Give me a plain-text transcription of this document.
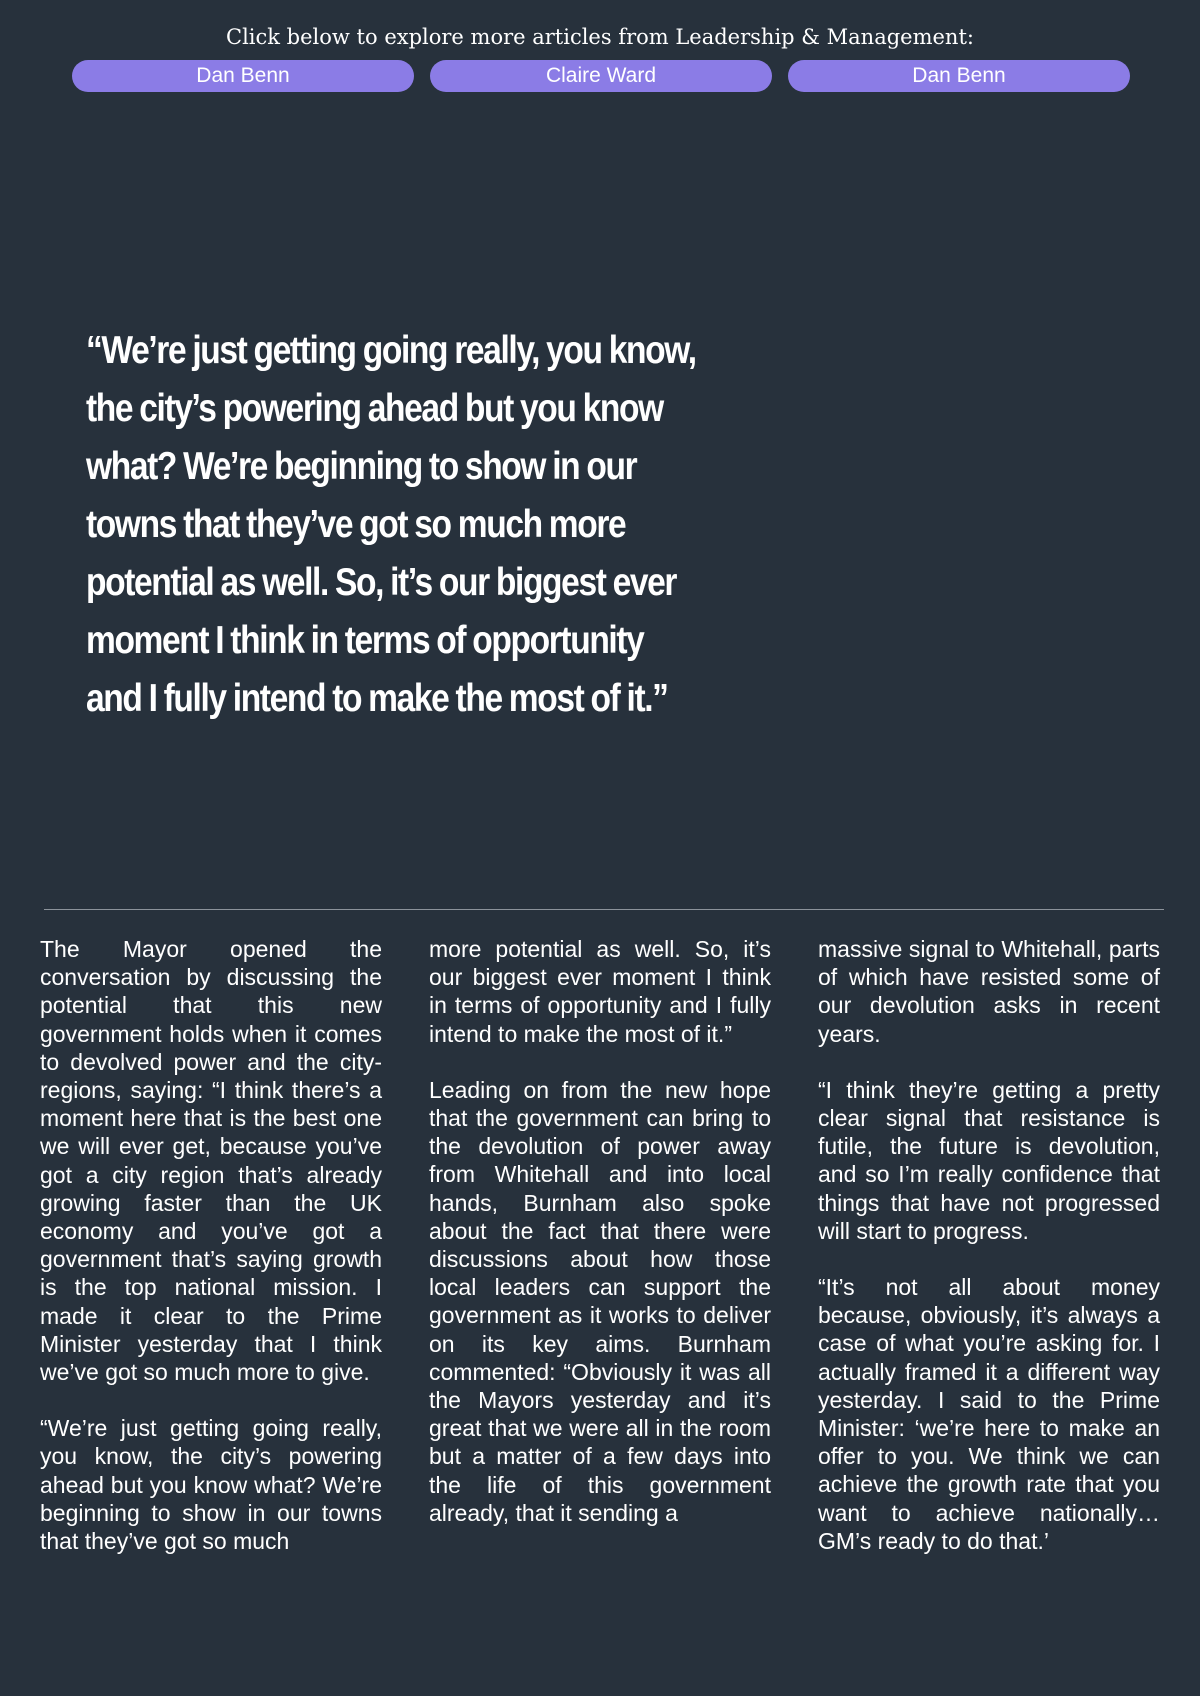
Click below to explore more articles from Leadership & Management:

Dan Benn	Claire Ward	Dan Benn
“We’re just getting going really, you know, the city’s powering ahead but you know what? We’re beginning to show in our towns that they’ve got so much more potential as well. So, it’s our biggest ever moment I think in terms of opportunity and I fully intend to make the most of it.”

The Mayor opened the conversation by discussing the potential that this new government holds when it comes to devolved power and the city-regions, saying: “I think there’s a moment here that is the best one we will ever get, because you’ve got a city region that’s already growing faster than the UK economy and you’ve got a government that’s saying growth is the top national mission. I made it clear to the Prime Minister yesterday that I think we’ve got so much more to give.

“We’re just getting going really, you know, the city’s powering ahead but you know what? We’re beginning to show in our towns that they’ve got so much

more potential as well. So, it’s our biggest ever moment I think in terms of opportunity and I fully intend to make the most of it.”

Leading on from the new hope that the government can bring to the devolution of power away from Whitehall and into local hands, Burnham also spoke about the fact that there were discussions about how those local leaders can support the government as it works to deliver on its key aims. Burnham commented: “Obviously it was all the Mayors yesterday and it’s great that we were all in the room but a matter of a few days into the life of this government already, that it sending a

massive signal to Whitehall, parts of which have resisted some of our devolution asks in recent years.

“I think they’re getting a pretty clear signal that resistance is futile, the future is devolution, and so I’m really confidence that things that have not progressed will start to progress.

“It’s not all about money because, obviously, it’s always a case of what you’re asking for. I actually framed it a different way yesterday. I said to the Prime Minister: ‘we’re here to make an offer to you. We think we can achieve the growth rate that you want to achieve nationally… GM’s ready to do that.’
